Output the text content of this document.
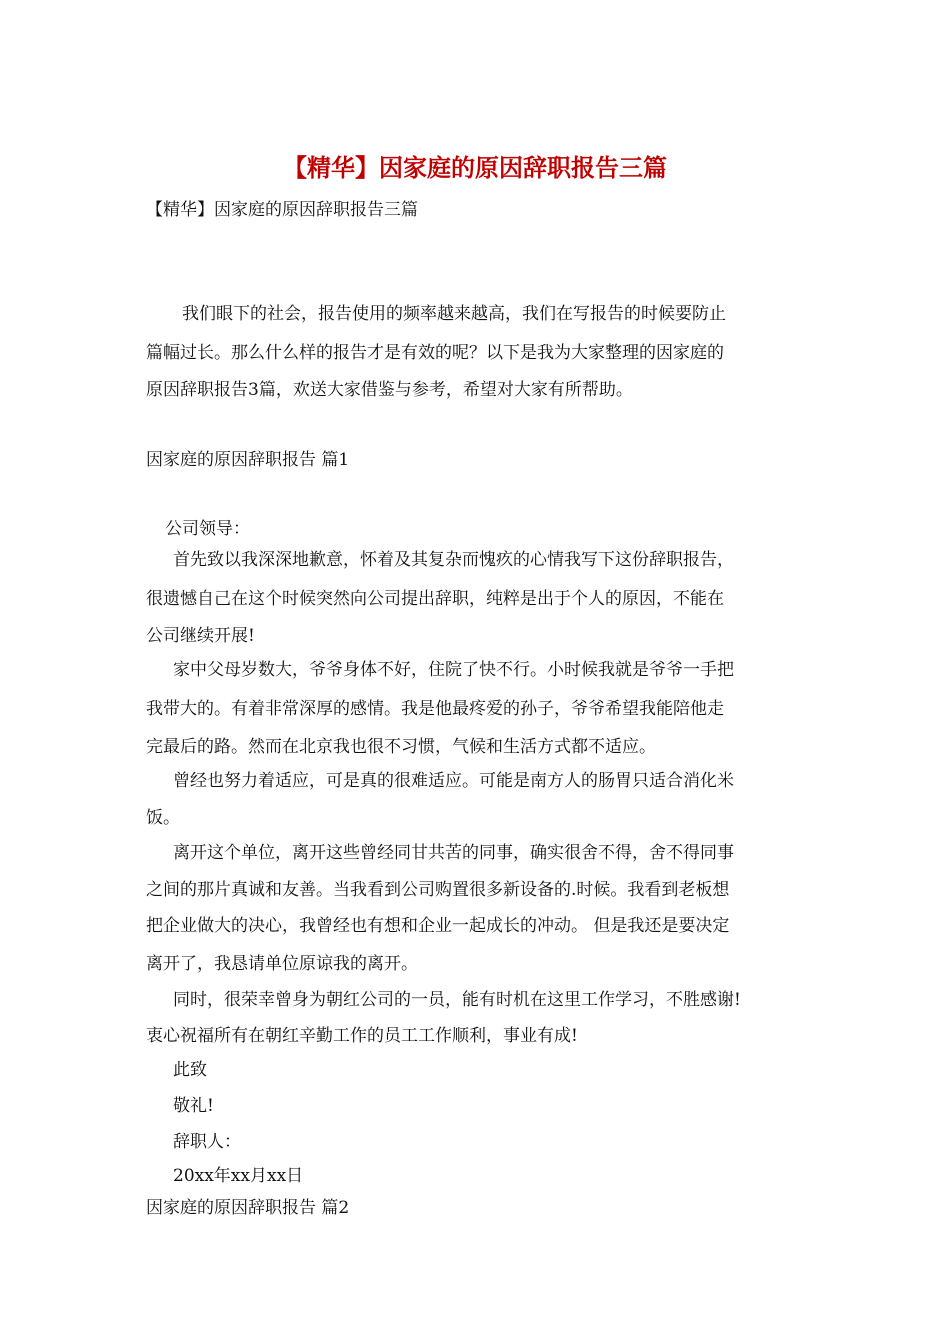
【精华】因家庭的原因辞职报告三篇
【精华】因家庭的原因辞职报告三篇
我们眼下的社会，报告使用的频率越来越高，我们在写报告的时候要防止
篇幅过长。那么什么样的报告才是有效的呢？以下是我为大家整理的因家庭的
原因辞职报告3篇，欢送大家借鉴与参考，希望对大家有所帮助。
因家庭的原因辞职报告 篇1
公司领导：
首先致以我深深地歉意，怀着及其复杂而愧疚的心情我写下这份辞职报告，
很遗憾自己在这个时候突然向公司提出辞职，纯粹是出于个人的原因，不能在
公司继续开展!
家中父母岁数大，爷爷身体不好，住院了快不行。小时候我就是爷爷一手把
我带大的。有着非常深厚的感情。我是他最疼爱的孙子，爷爷希望我能陪他走
完最后的路。然而在北京我也很不习惯，气候和生活方式都不适应。
曾经也努力着适应，可是真的很难适应。可能是南方人的肠胃只适合消化米
饭。
离开这个单位，离开这些曾经同甘共苦的同事，确实很舍不得，舍不得同事
之间的那片真诚和友善。当我看到公司购置很多新设备的.时候。我看到老板想
把企业做大的决心，我曾经也有想和企业一起成长的冲动。 但是我还是要决定
离开了，我恳请单位原谅我的离开。
同时，很荣幸曾身为朝红公司的一员，能有时机在这里工作学习，不胜感谢!
衷心祝福所有在朝红辛勤工作的员工工作顺利，事业有成!
此致
敬礼!
辞职人：
20xx年xx月xx日
因家庭的原因辞职报告 篇2
